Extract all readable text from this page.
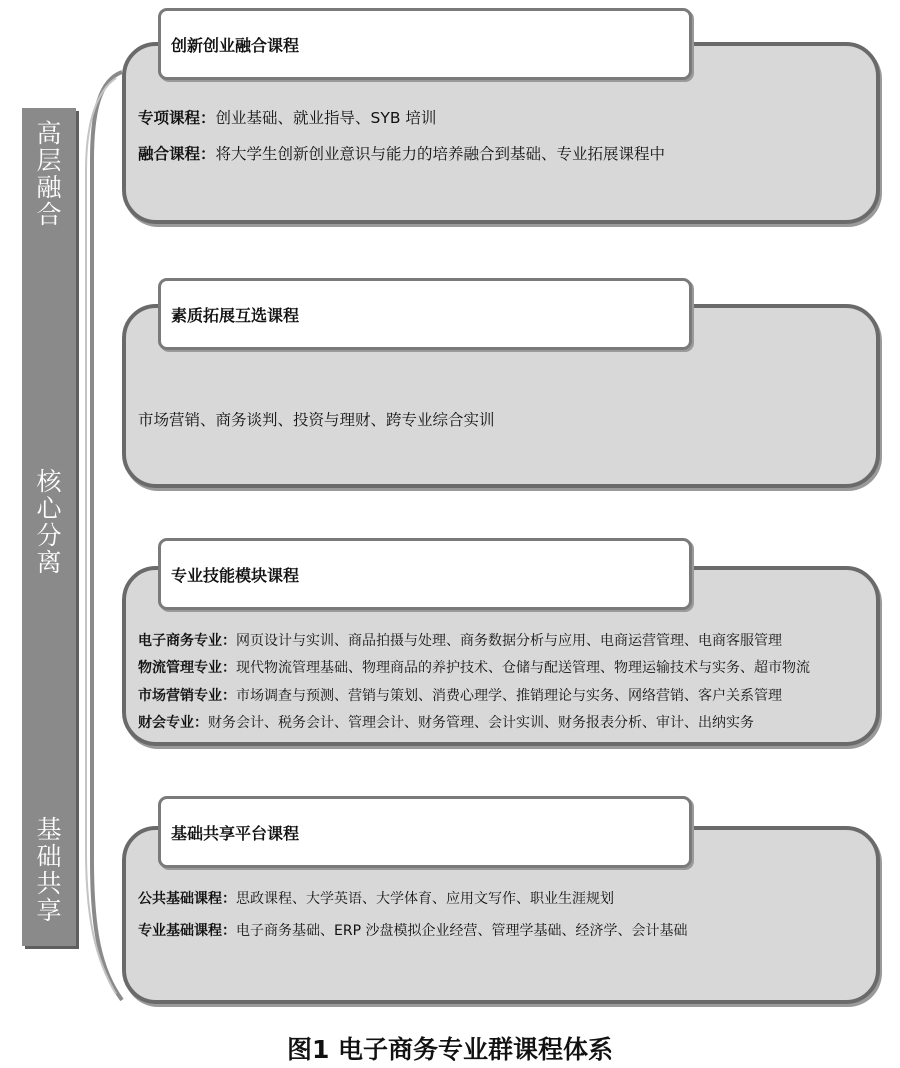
高
层
融
合
核
心
分
离
基
础
共
享
创新创业融合课程
素质拓展互选课程
专业技能模块课程
基础共享平台课程
专项课程：创业基础、就业指导、SYB 培训
融合课程：将大学生创新创业意识与能力的培养融合到基础、专业拓展课程中
市场营销、商务谈判、投资与理财、跨专业综合实训
电子商务专业：网页设计与实训、商品拍摄与处理、商务数据分析与应用、电商运营管理、电商客服管理
物流管理专业：现代物流管理基础、物理商品的养护技术、仓储与配送管理、物理运输技术与实务、超市物流
市场营销专业：市场调查与预测、营销与策划、消费心理学、推销理论与实务、网络营销、客户关系管理
财会专业：财务会计、税务会计、管理会计、财务管理、会计实训、财务报表分析、审计、出纳实务
公共基础课程：思政课程、大学英语、大学体育、应用文写作、职业生涯规划
专业基础课程：电子商务基础、ERP 沙盘模拟企业经营、管理学基础、经济学、会计基础
图1 电子商务专业群课程体系
